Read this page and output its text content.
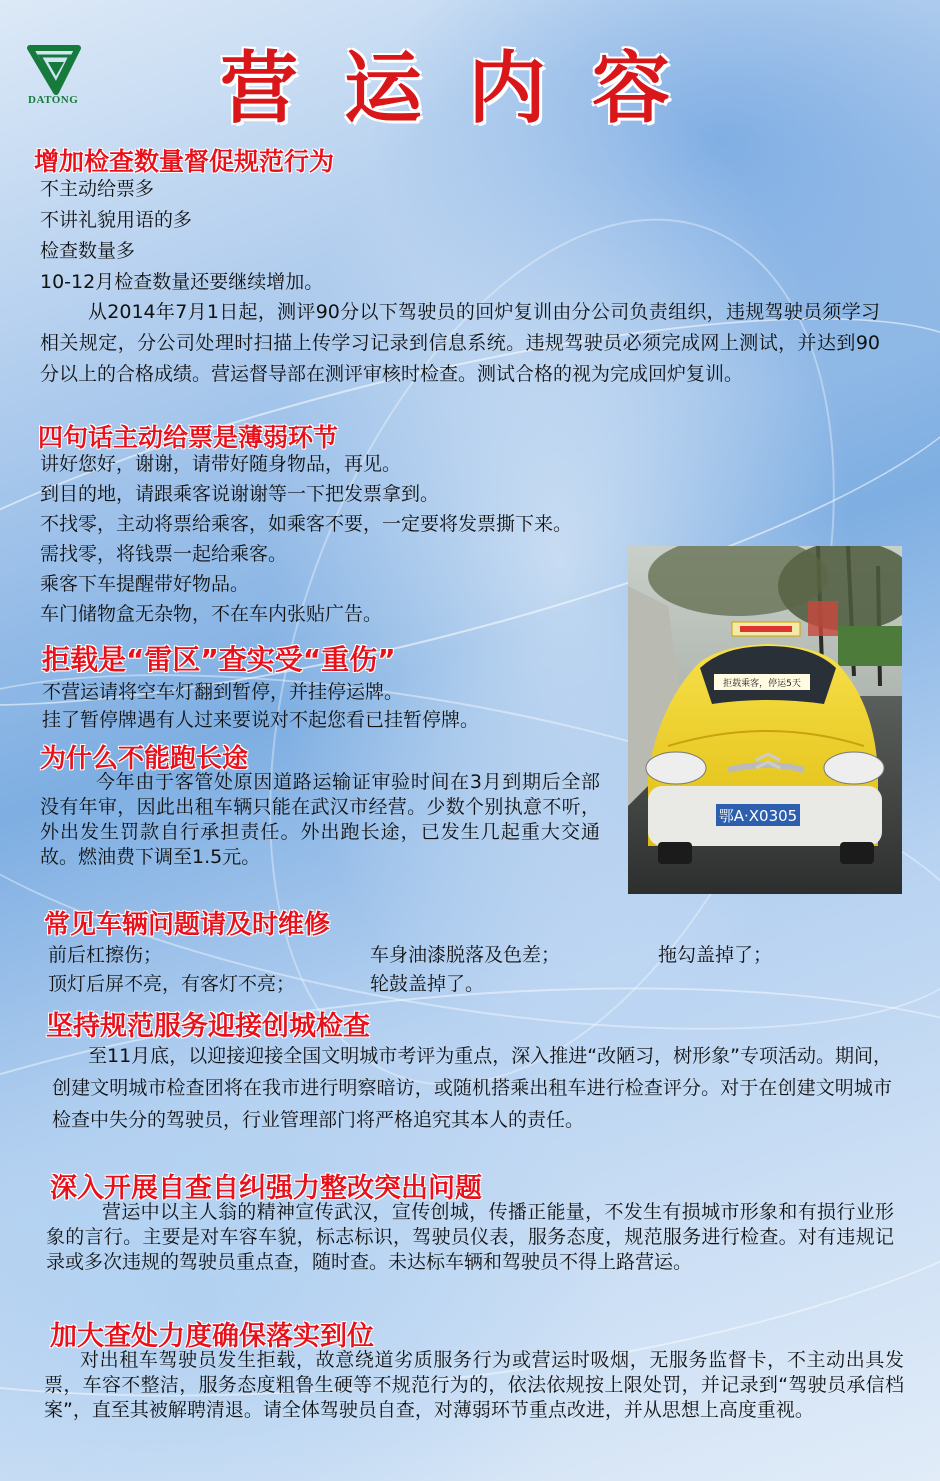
DATONG 营运内容
增加检查数量督促规范行为
不主动给票多
不讲礼貌用语的多
检查数量多
10-12月检查数量还要继续增加。
从2014年7月1日起，测评90分以下驾驶员的回炉复训由分公司负责组织，违规驾驶员须学习相关规定，分公司处理时扫描上传学习记录到信息系统。违规驾驶员必须完成网上测试，并达到90分以上的合格成绩。营运督导部在测评审核时检查。测试合格的视为完成回炉复训。
四句话主动给票是薄弱环节
讲好您好，谢谢，请带好随身物品，再见。
到目的地，请跟乘客说谢谢等一下把发票拿到。
不找零，主动将票给乘客，如乘客不要，一定要将发票撕下来。
需找零，将钱票一起给乘客。
乘客下车提醒带好物品。
车门储物盒无杂物，不在车内张贴广告。
拒载是“雷区”查实受“重伤”
不营运请将空车灯翻到暂停，并挂停运牌。
挂了暂停牌遇有人过来要说对不起您看已挂暂停牌。
为什么不能跑长途
今年由于客管处原因道路运输证审验时间在3月到期后全部没有年审，因此出租车辆只能在武汉市经营。少数个别执意不听，外出发生罚款自行承担责任。外出跑长途，已发生几起重大交通故。燃油费下调至1.5元。
拒载乘客，停运5天
鄂A·X0305
常见车辆问题请及时维修
前后杠擦伤；	车身油漆脱落及色差；	拖勾盖掉了；
顶灯后屏不亮，有客灯不亮；	轮鼓盖掉了。
坚持规范服务迎接创城检查
至11月底，以迎接迎接全国文明城市考评为重点，深入推进“改陋习，树形象”专项活动。期间，创建文明城市检查团将在我市进行明察暗访，或随机搭乘出租车进行检查评分。对于在创建文明城市检查中失分的驾驶员，行业管理部门将严格追究其本人的责任。
深入开展自查自纠强力整改突出问题
营运中以主人翁的精神宣传武汉，宣传创城，传播正能量，不发生有损城市形象和有损行业形象的言行。主要是对车容车貌，标志标识，驾驶员仪表，服务态度，规范服务进行检查。对有违规记录或多次违规的驾驶员重点查，随时查。未达标车辆和驾驶员不得上路营运。
加大查处力度确保落实到位
对出租车驾驶员发生拒载，故意绕道劣质服务行为或营运时吸烟，无服务监督卡，不主动出具发票，车容不整洁，服务态度粗鲁生硬等不规范行为的，依法依规按上限处罚，并记录到“驾驶员承信档案”，直至其被解聘清退。请全体驾驶员自查，对薄弱环节重点改进，并从思想上高度重视。
